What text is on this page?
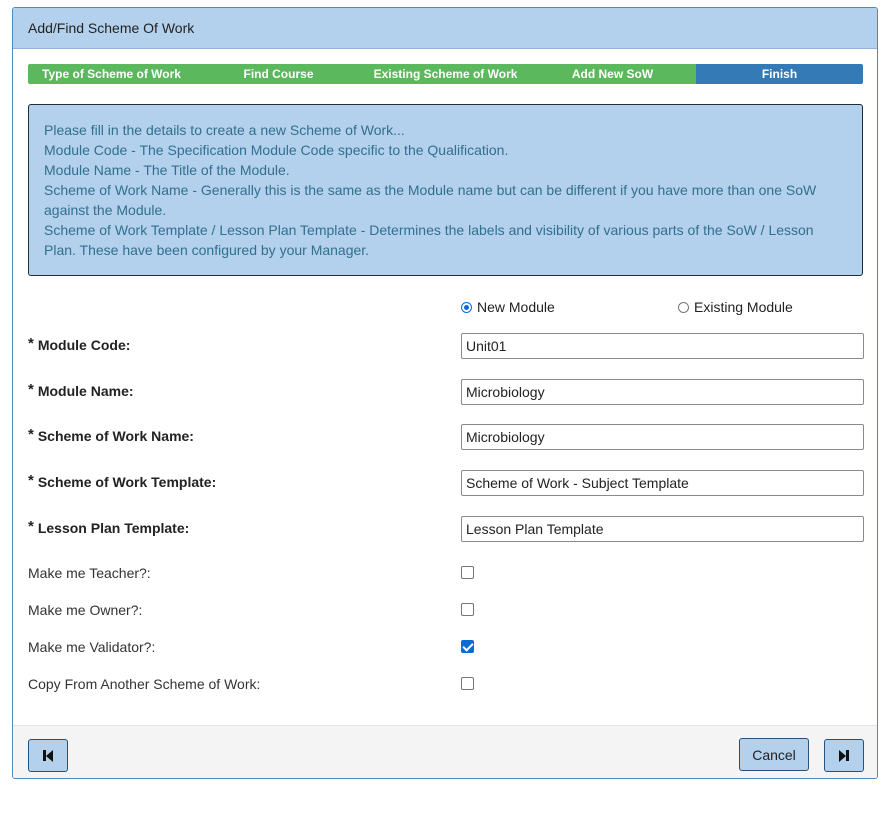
Add/Find Scheme Of Work
Type of Scheme of Work	Find Course	Existing Scheme of Work	Add New SoW	Finish

Please fill in the details to create a new Scheme of Work...

Module Code - The Specification Module Code specific to the Qualification.

Module Name - The Title of the Module.

Scheme of Work Name - Generally this is the same as the Module name but can be different if you have more than one SoW against the Module.

Scheme of Work Template / Lesson Plan Template - Determines the labels and visibility of various parts of the SoW / Lesson Plan. These have been configured by your Manager.

New Module	Existing Module
* Module Code:
Unit01
* Module Name:
Microbiology
* Scheme of Work Name:
Microbiology
* Scheme of Work Template:
Scheme of Work - Subject Template
* Lesson Plan Template:
Lesson Plan Template
Make me Teacher?:
Make me Owner?:
Make me Validator?:
Copy From Another Scheme of Work:
Cancel
